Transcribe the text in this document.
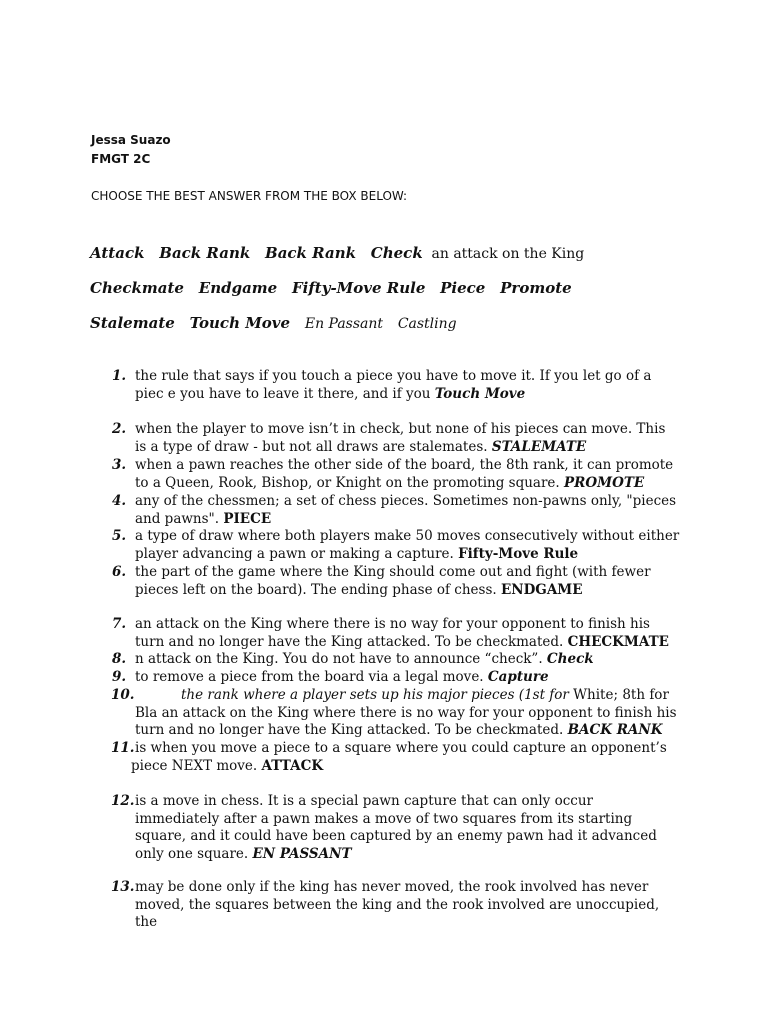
Jessa Suazo
FMGT 2C
CHOOSE THE BEST ANSWER FROM THE BOX BELOW:
Attack Back Rank Back Rank Check an attack on the King
Checkmate Endgame Fifty-Move Rule Piece Promote
Stalemate Touch Move En Passant Castling
1. the rule that says if you touch a piece you have to move it. If you let go of a piec e you have to leave it there, and if you Touch Move
2. when the player to move isn’t in check, but none of his pieces can move. This is a type of draw - but not all draws are stalemates. STALEMATE
3. when a pawn reaches the other side of the board, the 8th rank, it can promote to a Queen, Rook, Bishop, or Knight on the promoting square. PROMOTE
4. any of the chessmen; a set of chess pieces. Sometimes non-pawns only, "pieces and pawns". PIECE
5. a type of draw where both players make 50 moves consecutively without either player advancing a pawn or making a capture. Fifty-Move Rule
6. the part of the game where the King should come out and fight (with fewer pieces left on the board). The ending phase of chess. ENDGAME
7. an attack on the King where there is no way for your opponent to finish his turn and no longer have the King attacked. To be checkmated. CHECKMATE
8. n attack on the King. You do not have to announce “check”. Check
9. to remove a piece from the board via a legal move. Capture
10.	the rank where a player sets up his major pieces (1st for White; 8th for Bla an attack on the King where there is no way for your opponent to finish his turn and no longer have the King attacked. To be checkmated. BACK RANK
11. is when you move a piece to a square where you could capture an opponent’s piece NEXT move. ATTACK
12. is a move in chess. It is a special pawn capture that can only occur immediately after a pawn makes a move of two squares from its starting square, and it could have been captured by an enemy pawn had it advanced only one square. EN PASSANT
13. may be done only if the king has never moved, the rook involved has never moved, the squares between the king and the rook involved are unoccupied, the
